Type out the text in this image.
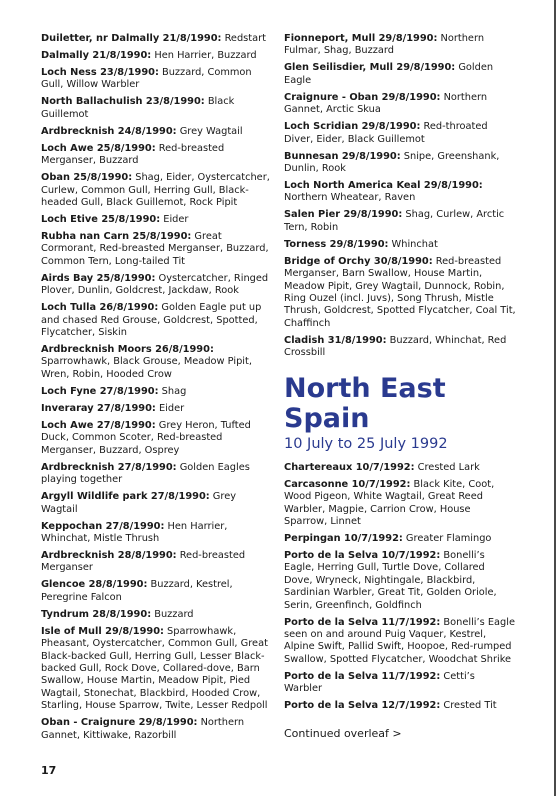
Duiletter, nr Dalmally 21/8/1990: Redstart
Dalmally 21/8/1990: Hen Harrier, Buzzard
Loch Ness 23/8/1990: Buzzard, Common Gull, Willow Warbler
North Ballachulish 23/8/1990: Black Guillemot
Ardbrecknish 24/8/1990: Grey Wagtail
Loch Awe 25/8/1990: Red-breasted Merganser, Buzzard
Oban 25/8/1990: Shag, Eider, Oystercatcher, Curlew, Common Gull, Herring Gull, Black-headed Gull, Black Guillemot, Rock Pipit
Loch Etive 25/8/1990: Eider
Rubha nan Carn 25/8/1990: Great Cormorant, Red-breasted Merganser, Buzzard, Common Tern, Long-tailed Tit
Airds Bay 25/8/1990: Oystercatcher, Ringed Plover, Dunlin, Goldcrest, Jackdaw, Rook
Loch Tulla 26/8/1990: Golden Eagle put up and chased Red Grouse, Goldcrest, Spotted, Flycatcher, Siskin
Ardbrecknish Moors 26/8/1990: Sparrowhawk, Black Grouse, Meadow Pipit, Wren, Robin, Hooded Crow
Loch Fyne 27/8/1990: Shag
Inveraray 27/8/1990: Eider
Loch Awe 27/8/1990: Grey Heron, Tufted Duck, Common Scoter, Red-breasted Merganser, Buzzard, Osprey
Ardbrecknish 27/8/1990: Golden Eagles playing together
Argyll Wildlife park 27/8/1990: Grey Wagtail
Keppochan 27/8/1990: Hen Harrier, Whinchat, Mistle Thrush
Ardbrecknish 28/8/1990: Red-breasted Merganser
Glencoe 28/8/1990: Buzzard, Kestrel, Peregrine Falcon
Tyndrum 28/8/1990: Buzzard
Isle of Mull 29/8/1990: Sparrowhawk, Pheasant, Oystercatcher, Common Gull, Great Black-backed Gull, Herring Gull, Lesser Black-backed Gull, Rock Dove, Collared-dove, Barn Swallow, House Martin, Meadow Pipit, Pied Wagtail, Stonechat, Blackbird, Hooded Crow, Starling, House Sparrow, Twite, Lesser Redpoll
Oban - Craignure 29/8/1990: Northern Gannet, Kittiwake, Razorbill
Fionneport, Mull 29/8/1990: Northern Fulmar, Shag, Buzzard
Glen Seilisdier, Mull 29/8/1990: Golden Eagle
Craignure - Oban 29/8/1990: Northern Gannet, Arctic Skua
Loch Scridian 29/8/1990: Red-throated Diver, Eider, Black Guillemot
Bunnesan 29/8/1990: Snipe, Greenshank, Dunlin, Rook
Loch North America Keal 29/8/1990: Northern Wheatear, Raven
Salen Pier 29/8/1990: Shag, Curlew, Arctic Tern, Robin
Torness 29/8/1990: Whinchat
Bridge of Orchy 30/8/1990: Red-breasted Merganser, Barn Swallow, House Martin, Meadow Pipit, Grey Wagtail, Dunnock, Robin, Ring Ouzel (incl. Juvs), Song Thrush, Mistle Thrush, Goldcrest, Spotted Flycatcher, Coal Tit, Chaffinch
Cladish 31/8/1990: Buzzard, Whinchat, Red Crossbill
North East Spain
10 July to 25 July 1992
Chartereaux 10/7/1992: Crested Lark
Carcasonne 10/7/1992: Black Kite, Coot, Wood Pigeon, White Wagtail, Great Reed Warbler, Magpie, Carrion Crow, House Sparrow, Linnet
Perpingan 10/7/1992: Greater Flamingo
Porto de la Selva 10/7/1992: Bonelli’s Eagle, Herring Gull, Turtle Dove, Collared Dove, Wryneck, Nightingale, Blackbird, Sardinian Warbler, Great Tit, Golden Oriole, Serin, Greenfinch, Goldfinch
Porto de la Selva 11/7/1992: Bonelli’s Eagle seen on and around Puig Vaquer, Kestrel, Alpine Swift, Pallid Swift, Hoopoe, Red-rumped Swallow, Spotted Flycatcher, Woodchat Shrike
Porto de la Selva 11/7/1992: Cetti’s Warbler
Porto de la Selva 12/7/1992: Crested Tit
Continued overleaf >
17
